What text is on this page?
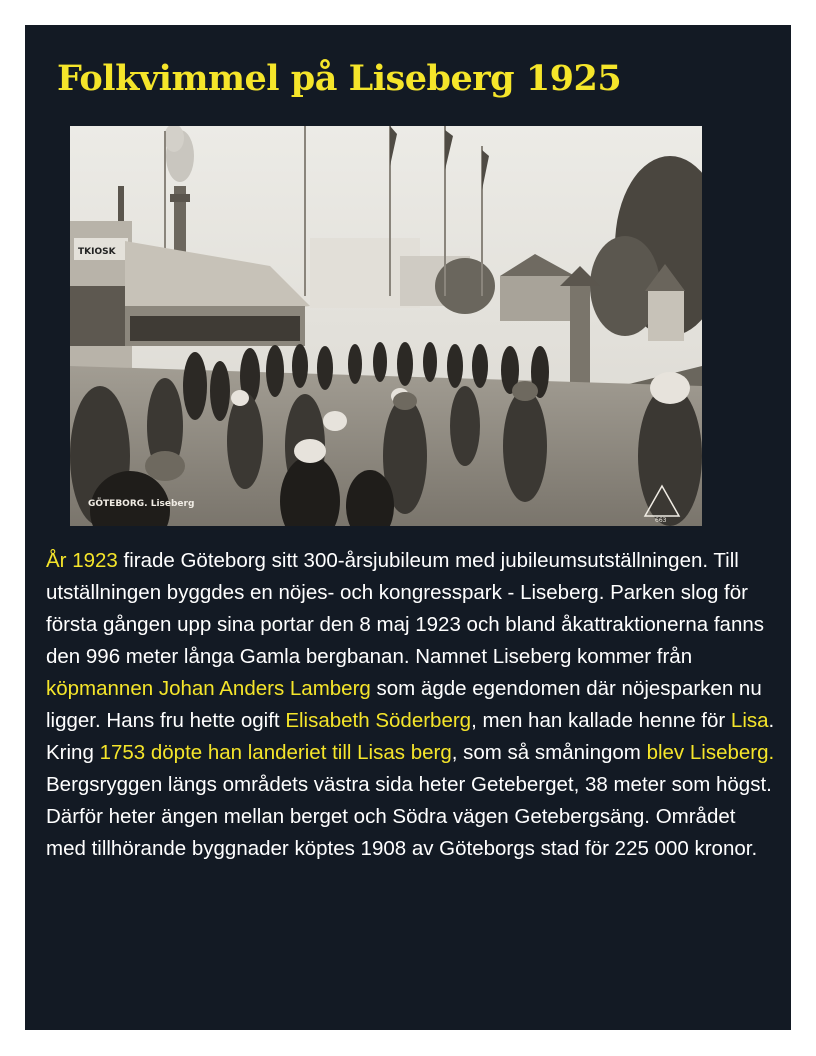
Folkvimmel på Liseberg 1925
TKIOSK
GÖTEBORG. Liseberg
663

År 1923 firade Göteborg sitt 300-årsjubileum med jubileumsutställningen. Till utställningen byggdes en nöjes- och kongresspark - Liseberg. Parken slog för första gången upp sina portar den 8 maj 1923 och bland åkattraktionerna fanns den 996 meter långa Gamla bergbanan. Namnet Liseberg kommer från köpmannen Johan Anders Lamberg som ägde egendomen där nöjesparken nu ligger. Hans fru hette ogift Elisabeth Söderberg, men han kallade henne för Lisa. Kring 1753 döpte han landeriet till Lisas berg, som så småningom blev Liseberg. Bergsryggen längs områdets västra sida heter Geteberget, 38 meter som högst. Därför heter ängen mellan berget och Södra vägen Getebergsäng. Området med tillhörande byggnader köptes 1908 av Göteborgs stad för 225 000 kronor.
